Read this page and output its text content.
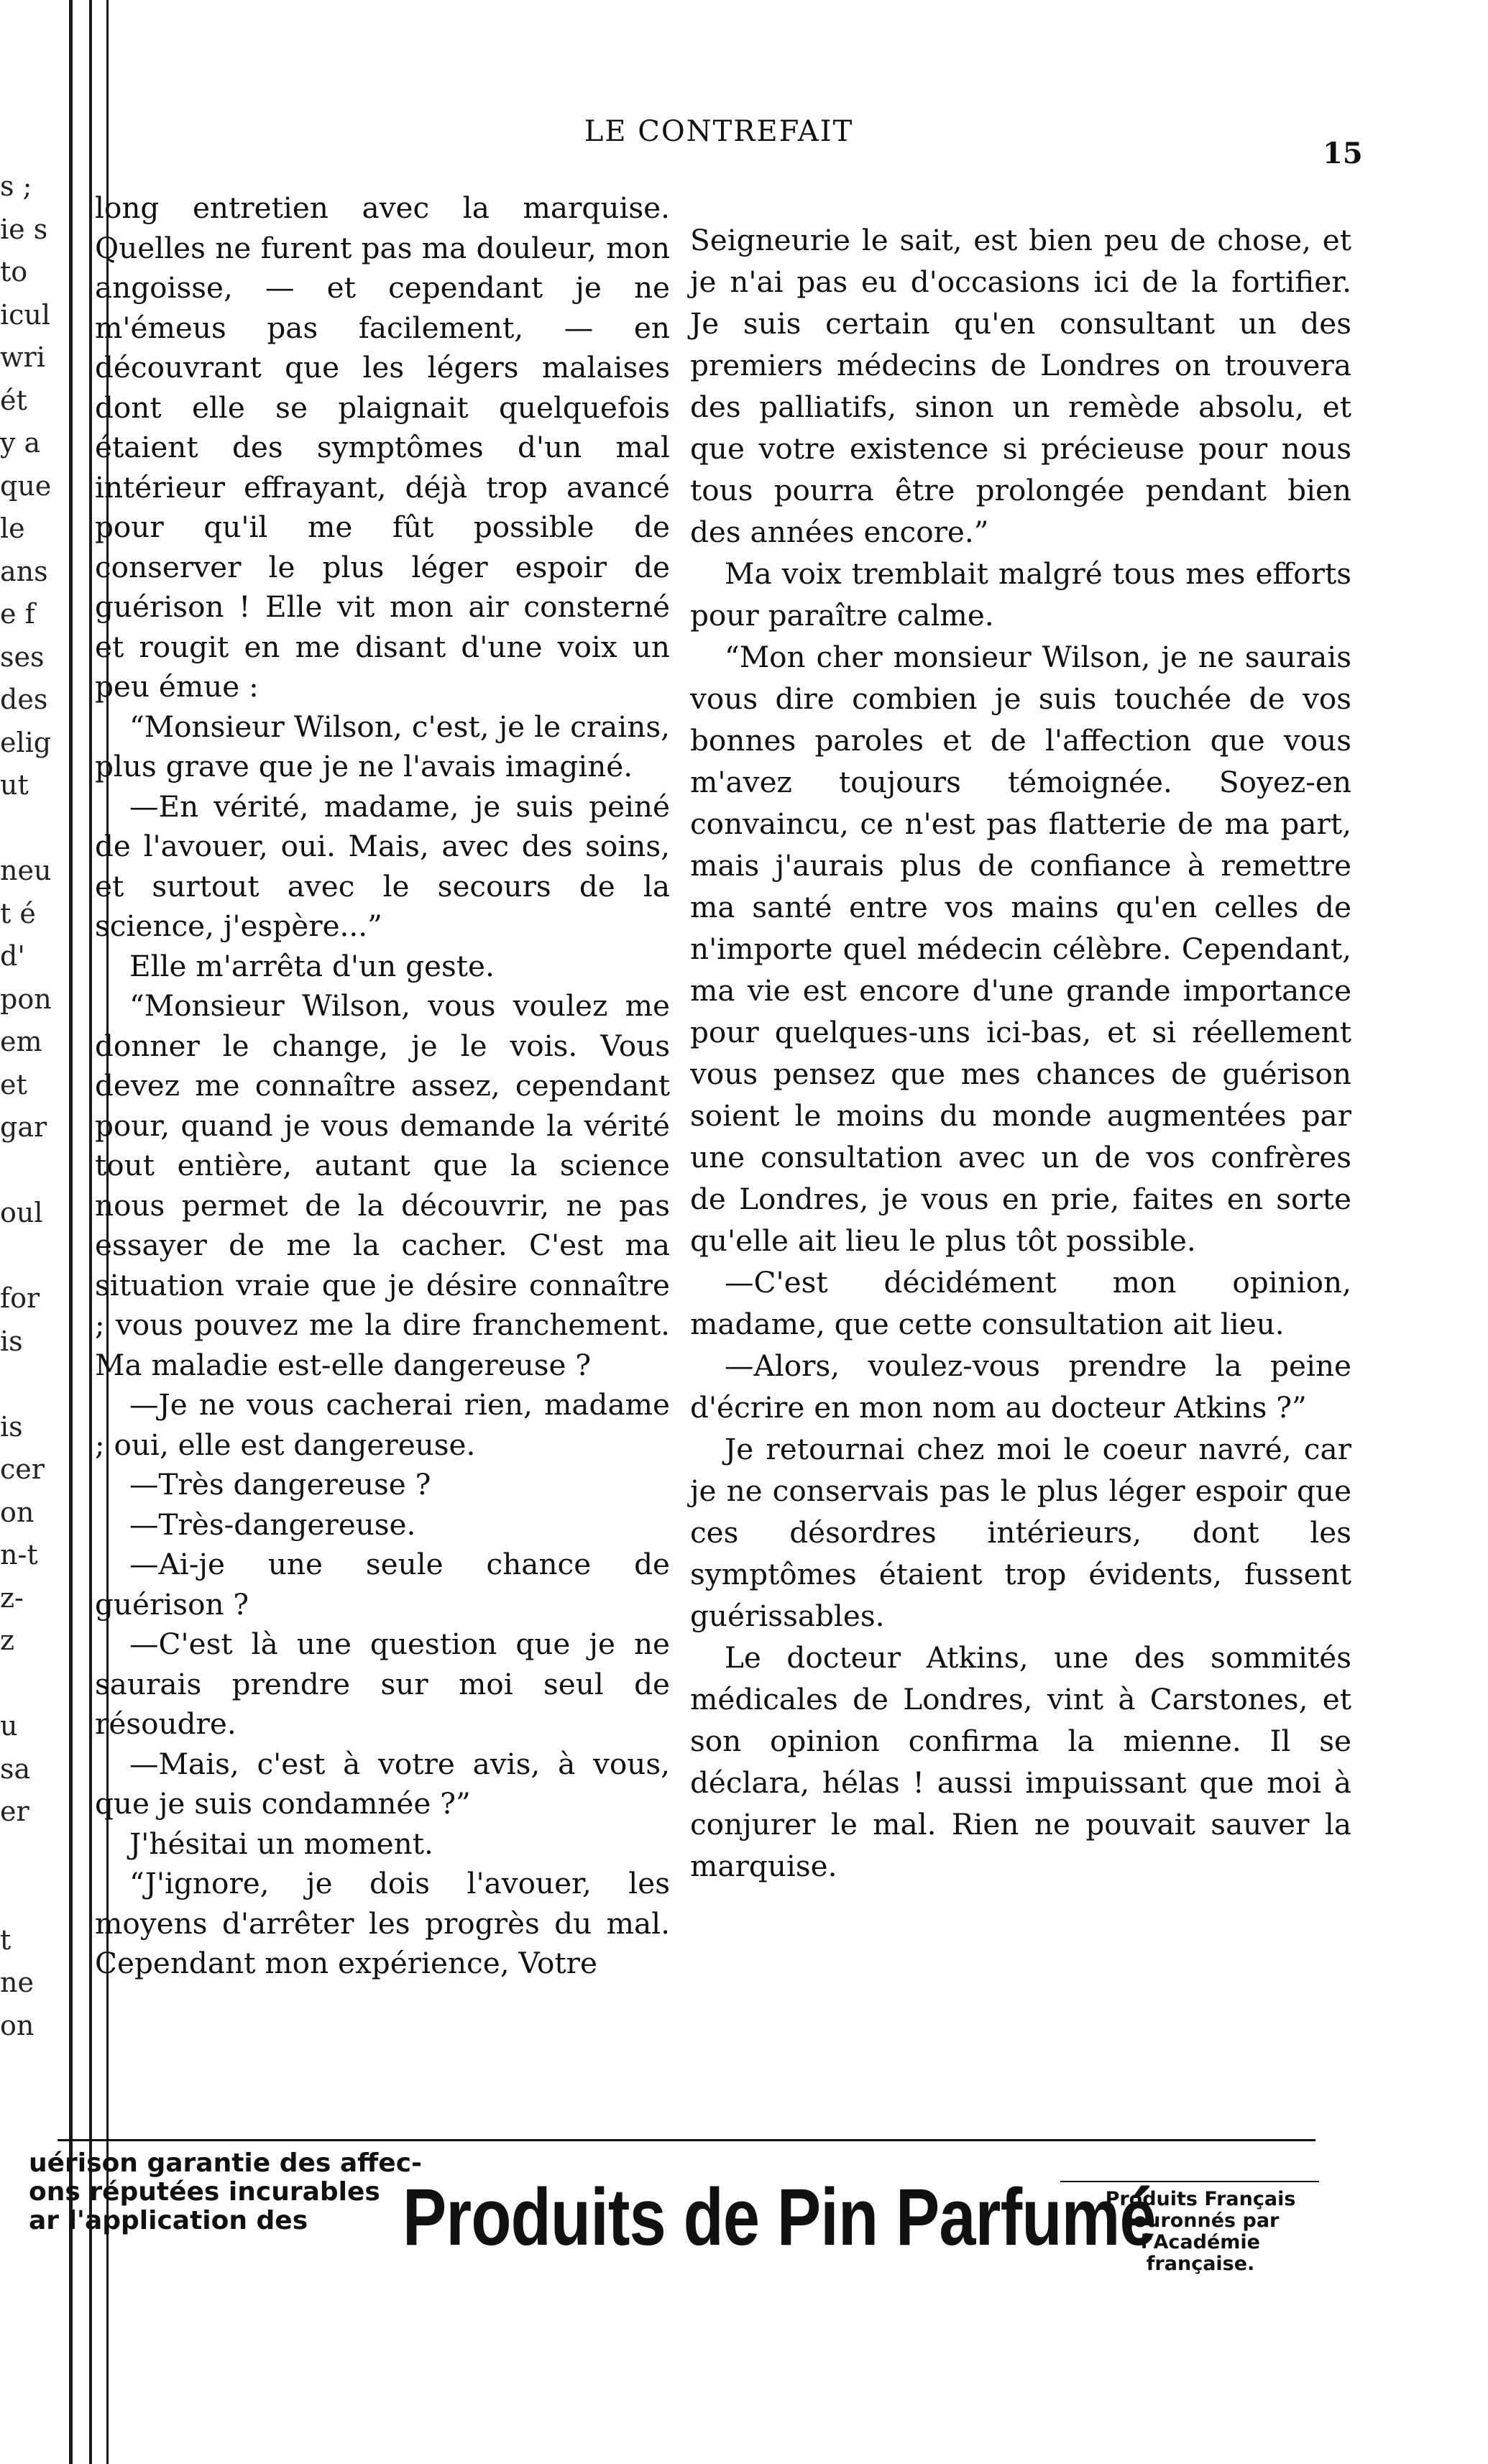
s ;
ie s
to
icul
wri
ét
y a
que
le
ans
e f
ses
des
elig
ut

neu
t é
d'
pon
em
et
gar

oul

for
is

is
cer
on
n-t
z-
z

u
sa
er

t
ne
on

LE CONTREFAIT
15

long entretien avec la marquise. Quelles ne furent pas ma douleur, mon angoisse, — et cependant je ne m'émeus pas facilement, — en découvrant que les légers malaises dont elle se plaignait quelquefois étaient des symptômes d'un mal intérieur effrayant, déjà trop avancé pour qu'il me fût possible de conserver le plus léger espoir de guérison ! Elle vit mon air consterné et rougit en me disant d'une voix un peu émue :

“Monsieur Wilson, c'est, je le crains, plus grave que je ne l'avais imaginé.

—En vérité, madame, je suis peiné de l'avouer, oui. Mais, avec des soins, et surtout avec le secours de la science, j'espère...”

Elle m'arrêta d'un geste.

“Monsieur Wilson, vous voulez me donner le change, je le vois. Vous devez me connaître assez, cependant pour, quand je vous demande la vérité tout entière, autant que la science nous permet de la découvrir, ne pas essayer de me la cacher. C'est ma situation vraie que je désire connaître ; vous pouvez me la dire franchement. Ma maladie est-elle dangereuse ?

—Je ne vous cacherai rien, madame ; oui, elle est dangereuse.

—Très dangereuse ?

—Très-dangereuse.

—Ai-je une seule chance de guérison ?

—C'est là une question que je ne saurais prendre sur moi seul de résoudre.

—Mais, c'est à votre avis, à vous, que je suis condamnée ?”

J'hésitai un moment.

“J'ignore, je dois l'avouer, les moyens d'arrêter les progrès du mal. Cependant mon expérience, Votre

Seigneurie le sait, est bien peu de chose, et je n'ai pas eu d'occasions ici de la fortifier. Je suis certain qu'en consultant un des premiers médecins de Londres on trouvera des palliatifs, sinon un remède absolu, et que votre existence si précieuse pour nous tous pourra être prolongée pendant bien des années encore.”

Ma voix tremblait malgré tous mes efforts pour paraître calme.

“Mon cher monsieur Wilson, je ne saurais vous dire combien je suis touchée de vos bonnes paroles et de l'affection que vous m'avez toujours témoignée. Soyez-en convaincu, ce n'est pas flatterie de ma part, mais j'aurais plus de confiance à remettre ma santé entre vos mains qu'en celles de n'importe quel médecin célèbre. Cependant, ma vie est encore d'une grande importance pour quelques-uns ici-bas, et si réellement vous pensez que mes chances de guérison soient le moins du monde augmentées par une consultation avec un de vos confrères de Londres, je vous en prie, faites en sorte qu'elle ait lieu le plus tôt possible.

—C'est décidément mon opinion, madame, que cette consultation ait lieu.

—Alors, voulez-vous prendre la peine d'écrire en mon nom au docteur Atkins ?”

Je retournai chez moi le coeur navré, car je ne conservais pas le plus léger espoir que ces désordres intérieurs, dont les symptômes étaient trop évidents, fussent guérissables.

Le docteur Atkins, une des sommités médicales de Londres, vint à Carstones, et son opinion confirma la mienne. Il se déclara, hélas ! aussi impuissant que moi à conjurer le mal. Rien ne pouvait sauver la marquise.

uérison garantie des affec-
ons réputées incurables
ar l'application des	Produits de Pin Parfumé
Produits Français
couronnés par
l'Académie
française.
